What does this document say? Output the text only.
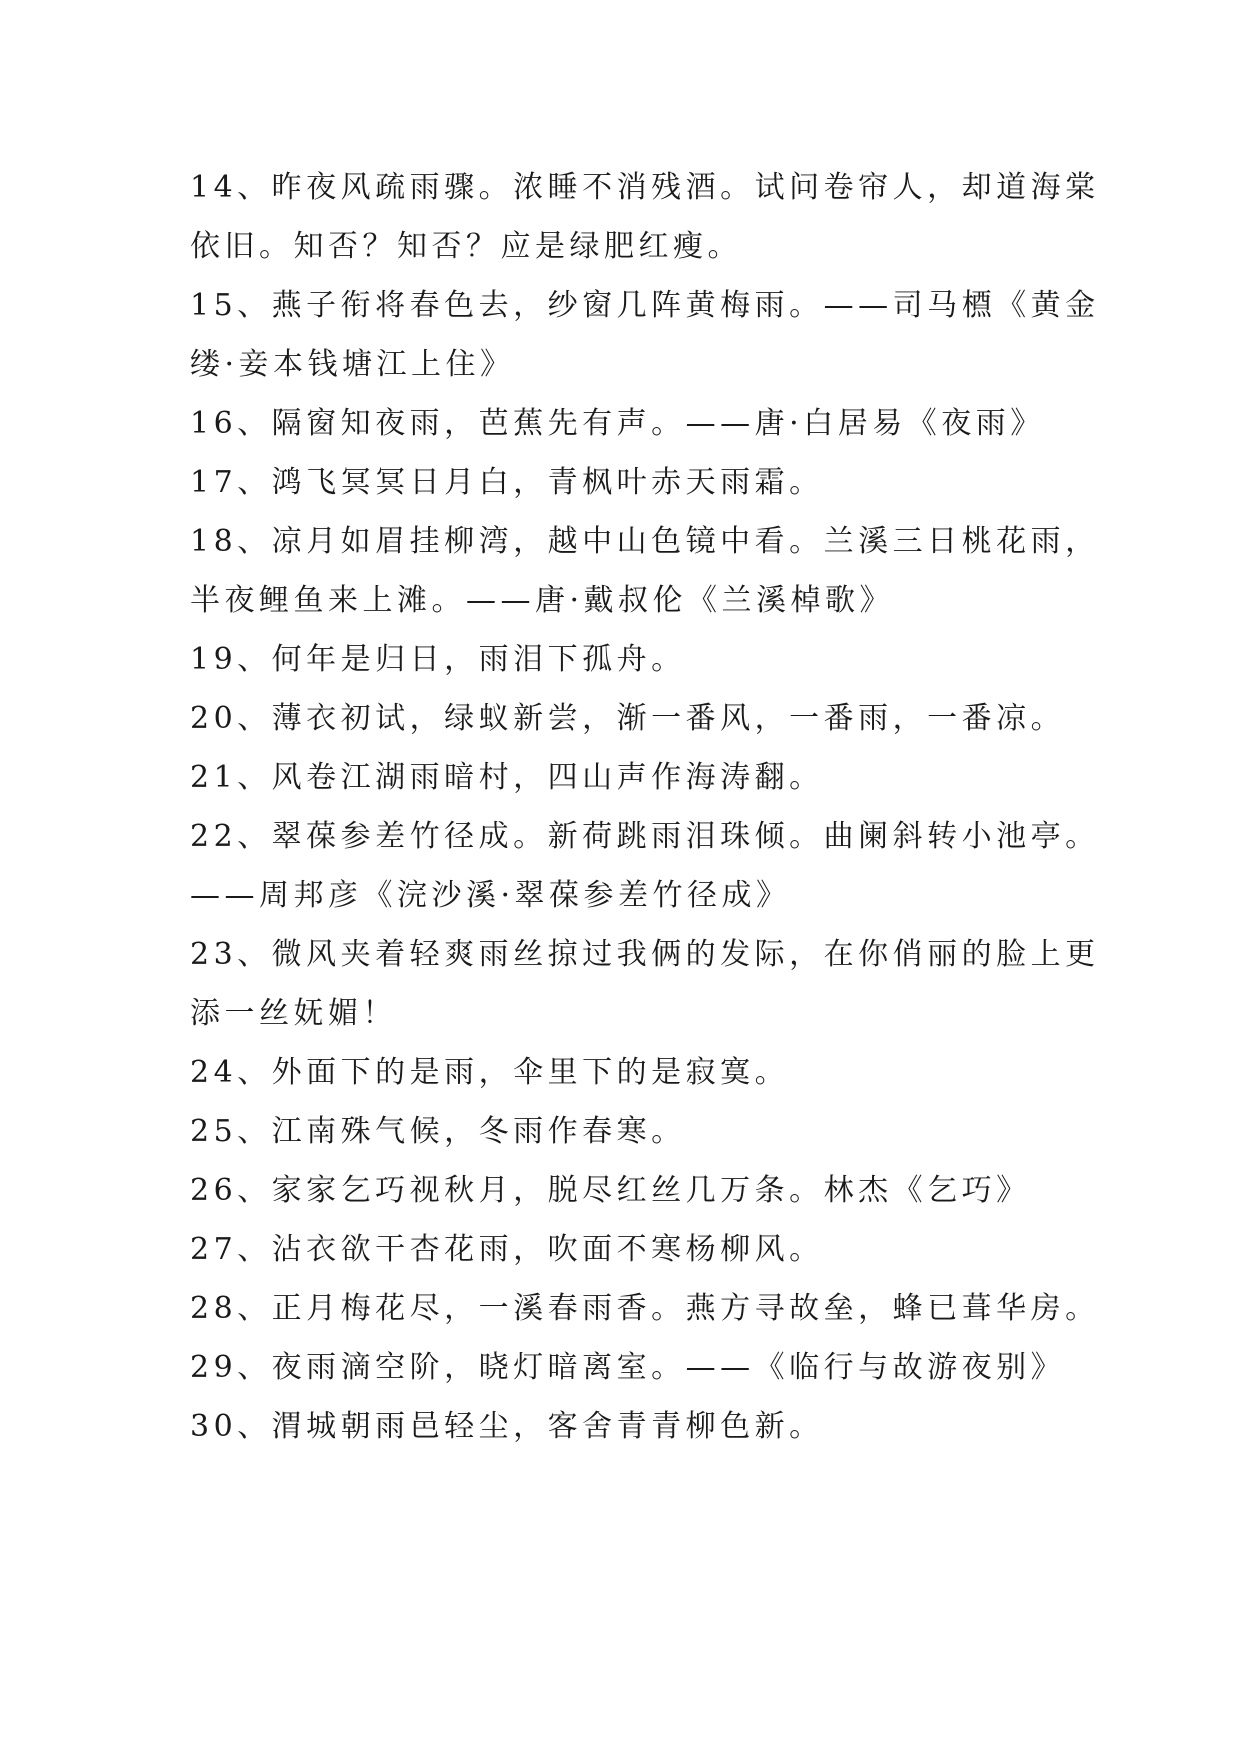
14、昨夜风疏雨骤。浓睡不消残酒。试问卷帘人，却道海棠
依旧。知否？知否？应是绿肥红瘦。
15、燕子衔将春色去，纱窗几阵黄梅雨。——司马槱《黄金
缕·妾本钱塘江上住》
16、隔窗知夜雨，芭蕉先有声。——唐·白居易《夜雨》
17、鸿飞冥冥日月白，青枫叶赤天雨霜。
18、凉月如眉挂柳湾，越中山色镜中看。兰溪三日桃花雨，
半夜鲤鱼来上滩。——唐·戴叔伦《兰溪棹歌》
19、何年是归日，雨泪下孤舟。
20、薄衣初试，绿蚁新尝，渐一番风，一番雨，一番凉。
21、风卷江湖雨暗村，四山声作海涛翻。
22、翠葆参差竹径成。新荷跳雨泪珠倾。曲阑斜转小池亭。
——周邦彦《浣沙溪·翠葆参差竹径成》
23、微风夹着轻爽雨丝掠过我俩的发际，在你俏丽的脸上更
添一丝妩媚！
24、外面下的是雨，伞里下的是寂寞。
25、江南殊气候，冬雨作春寒。
26、家家乞巧视秋月，脱尽红丝几万条。林杰《乞巧》
27、沾衣欲干杏花雨，吹面不寒杨柳风。
28、正月梅花尽，一溪春雨香。燕方寻故垒，蜂已葺华房。
29、夜雨滴空阶，晓灯暗离室。——《临行与故游夜别》
30、渭城朝雨邑轻尘，客舍青青柳色新。
